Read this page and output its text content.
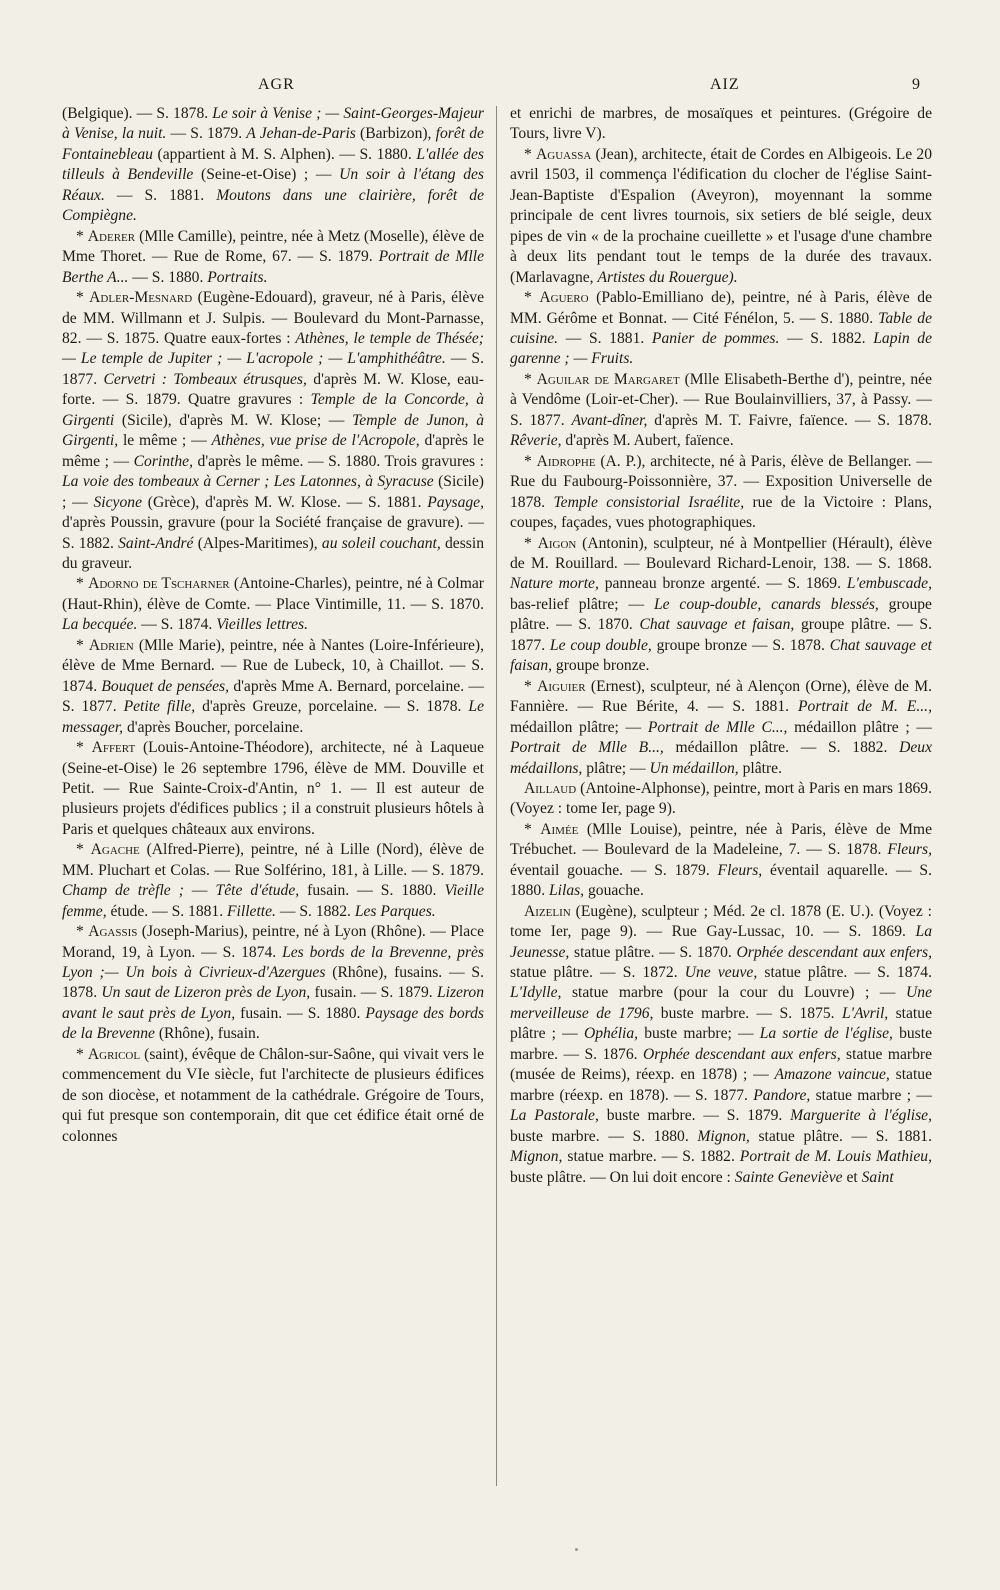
AGR	AIZ	9

(Belgique). — S. 1878. Le soir à Venise ; — Saint-Georges-Majeur à Venise, la nuit. — S. 1879. A Jehan-de-Paris (Barbizon), forêt de Fontainebleau (appartient à M. S. Alphen). — S. 1880. L'allée des tilleuls à Bendeville (Seine-et-Oise) ; — Un soir à l'étang des Réaux. — S. 1881. Moutons dans une clairière, forêt de Compiègne.

* Aderer (Mlle Camille), peintre, née à Metz (Moselle), élève de Mme Thoret. — Rue de Rome, 67. — S. 1879. Portrait de Mlle Berthe A... — S. 1880. Portraits.

* Adler-Mesnard (Eugène-Edouard), graveur, né à Paris, élève de MM. Willmann et J. Sulpis. — Boulevard du Mont-Parnasse, 82. — S. 1875. Quatre eaux-fortes : Athènes, le temple de Thésée; — Le temple de Jupiter ; — L'acropole ; — L'amphithéâtre. — S. 1877. Cervetri : Tombeaux étrusques, d'après M. W. Klose, eau-forte. — S. 1879. Quatre gravures : Temple de la Concorde, à Girgenti (Sicile), d'après M. W. Klose; — Temple de Junon, à Girgenti, le même ; — Athènes, vue prise de l'Acropole, d'après le même ; — Corinthe, d'après le même. — S. 1880. Trois gravures : La voie des tombeaux à Cerner ; Les Latonnes, à Syracuse (Sicile) ; — Sicyone (Grèce), d'après M. W. Klose. — S. 1881. Paysage, d'après Poussin, gravure (pour la Société française de gravure). — S. 1882. Saint-André (Alpes-Maritimes), au soleil couchant, dessin du graveur.

* Adorno de Tscharner (Antoine-Charles), peintre, né à Colmar (Haut-Rhin), élève de Comte. — Place Vintimille, 11. — S. 1870. La becquée. — S. 1874. Vieilles lettres.

* Adrien (Mlle Marie), peintre, née à Nantes (Loire-Inférieure), élève de Mme Bernard. — Rue de Lubeck, 10, à Chaillot. — S. 1874. Bouquet de pensées, d'après Mme A. Bernard, porcelaine. — S. 1877. Petite fille, d'après Greuze, porcelaine. — S. 1878. Le messager, d'après Boucher, porcelaine.

* Affert (Louis-Antoine-Théodore), architecte, né à Laqueue (Seine-et-Oise) le 26 septembre 1796, élève de MM. Douville et Petit. — Rue Sainte-Croix-d'Antin, n° 1. — Il est auteur de plusieurs projets d'édifices publics ; il a construit plusieurs hôtels à Paris et quelques châteaux aux environs.

* Agache (Alfred-Pierre), peintre, né à Lille (Nord), élève de MM. Pluchart et Colas. — Rue Solférino, 181, à Lille. — S. 1879. Champ de trèfle ; — Tête d'étude, fusain. — S. 1880. Vieille femme, étude. — S. 1881. Fillette. — S. 1882. Les Parques.

* Agassis (Joseph-Marius), peintre, né à Lyon (Rhône). — Place Morand, 19, à Lyon. — S. 1874. Les bords de la Brevenne, près Lyon ;— Un bois à Civrieux-d'Azergues (Rhône), fusains. — S. 1878. Un saut de Lizeron près de Lyon, fusain. — S. 1879. Lizeron avant le saut près de Lyon, fusain. — S. 1880. Paysage des bords de la Brevenne (Rhône), fusain.

* Agricol (saint), évêque de Châlon-sur-Saône, qui vivait vers le commencement du VIe siècle, fut l'architecte de plusieurs édifices de son diocèse, et notamment de la cathédrale. Grégoire de Tours, qui fut presque son contemporain, dit que cet édifice était orné de colonnes

et enrichi de marbres, de mosaïques et peintures. (Grégoire de Tours, livre V).

* Aguassa (Jean), architecte, était de Cordes en Albigeois. Le 20 avril 1503, il commença l'édification du clocher de l'église Saint-Jean-Baptiste d'Espalion (Aveyron), moyennant la somme principale de cent livres tournois, six setiers de blé seigle, deux pipes de vin « de la prochaine cueillette » et l'usage d'une chambre à deux lits pendant tout le temps de la durée des travaux. (Marlavagne, Artistes du Rouergue).

* Aguero (Pablo-Emilliano de), peintre, né à Paris, élève de MM. Gérôme et Bonnat. — Cité Fénélon, 5. — S. 1880. Table de cuisine. — S. 1881. Panier de pommes. — S. 1882. Lapin de garenne ; — Fruits.

* Aguilar de Margaret (Mlle Elisabeth-Berthe d'), peintre, née à Vendôme (Loir-et-Cher). — Rue Boulainvilliers, 37, à Passy. — S. 1877. Avant-dîner, d'après M. T. Faivre, faïence. — S. 1878. Rêverie, d'après M. Aubert, faïence.

* Aidrophe (A. P.), architecte, né à Paris, élève de Bellanger. — Rue du Faubourg-Poissonnière, 37. — Exposition Universelle de 1878. Temple consistorial Israélite, rue de la Victoire : Plans, coupes, façades, vues photographiques.

* Aigon (Antonin), sculpteur, né à Montpellier (Hérault), élève de M. Rouillard. — Boulevard Richard-Lenoir, 138. — S. 1868. Nature morte, panneau bronze argenté. — S. 1869. L'embuscade, bas-relief plâtre; — Le coup-double, canards blessés, groupe plâtre. — S. 1870. Chat sauvage et faisan, groupe plâtre. — S. 1877. Le coup double, groupe bronze — S. 1878. Chat sauvage et faisan, groupe bronze.

* Aiguier (Ernest), sculpteur, né à Alençon (Orne), élève de M. Fannière. — Rue Bérite, 4. — S. 1881. Portrait de M. E..., médaillon plâtre; — Portrait de Mlle C..., médaillon plâtre ; — Portrait de Mlle B..., médaillon plâtre. — S. 1882. Deux médaillons, plâtre; — Un médaillon, plâtre.

Aillaud (Antoine-Alphonse), peintre, mort à Paris en mars 1869. (Voyez : tome Ier, page 9).

* Aimée (Mlle Louise), peintre, née à Paris, élève de Mme Trébuchet. — Boulevard de la Madeleine, 7. — S. 1878. Fleurs, éventail gouache. — S. 1879. Fleurs, éventail aquarelle. — S. 1880. Lilas, gouache.

Aizelin (Eugène), sculpteur ; Méd. 2e cl. 1878 (E. U.). (Voyez : tome Ier, page 9). — Rue Gay-Lussac, 10. — S. 1869. La Jeunesse, statue plâtre. — S. 1870. Orphée descendant aux enfers, statue plâtre. — S. 1872. Une veuve, statue plâtre. — S. 1874. L'Idylle, statue marbre (pour la cour du Louvre) ; — Une merveilleuse de 1796, buste marbre. — S. 1875. L'Avril, statue plâtre ; — Ophélia, buste marbre; — La sortie de l'église, buste marbre. — S. 1876. Orphée descendant aux enfers, statue marbre (musée de Reims), réexp. en 1878) ; — Amazone vaincue, statue marbre (réexp. en 1878). — S. 1877. Pandore, statue marbre ; — La Pastorale, buste marbre. — S. 1879. Marguerite à l'église, buste marbre. — S. 1880. Mignon, statue plâtre. — S. 1881. Mignon, statue marbre. — S. 1882. Portrait de M. Louis Mathieu, buste plâtre. — On lui doit encore : Sainte Geneviève et Saint
